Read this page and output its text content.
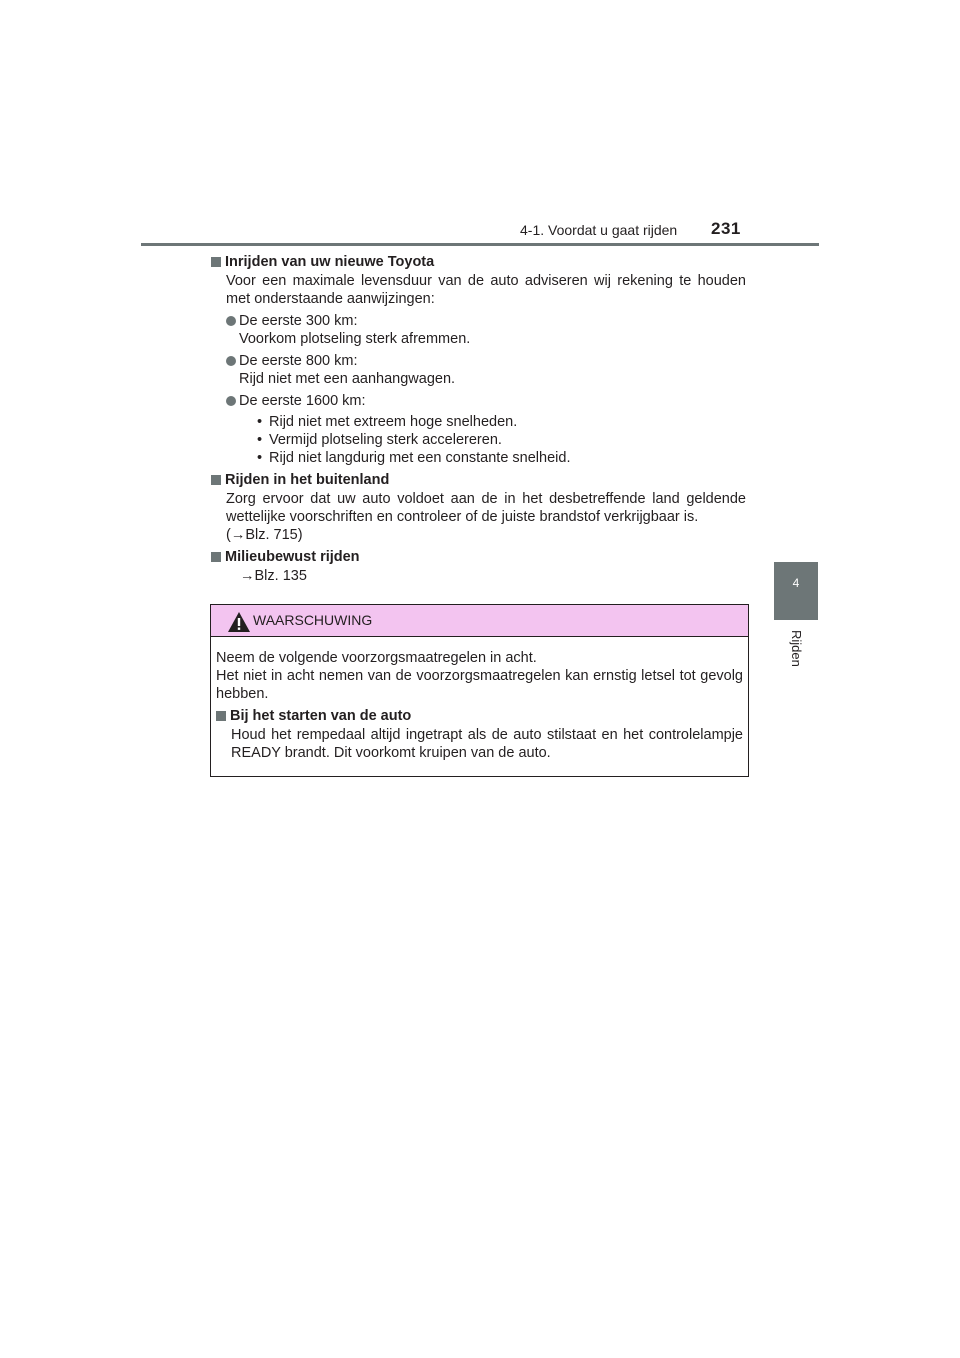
4-1. Voordat u gaat rijden 231
4
Rijden
Inrijden van uw nieuwe Toyota
Voor een maximale levensduur van de auto adviseren wij rekening te houden met onderstaande aanwijzingen:
De eerste 300 km:
Voorkom plotseling sterk afremmen.
De eerste 800 km:
Rijd niet met een aanhangwagen.
De eerste 1600 km:
• Rijd niet met extreem hoge snelheden.
• Vermijd plotseling sterk accelereren.
• Rijd niet langdurig met een constante snelheid.
Rijden in het buitenland
Zorg ervoor dat uw auto voldoet aan de in het desbetreffende land geldende wettelijke voorschriften en controleer of de juiste brandstof verkrijgbaar is.
(→Blz. 715)
Milieubewust rijden
→Blz. 135
WAARSCHUWING
Neem de volgende voorzorgsmaatregelen in acht.
Het niet in acht nemen van de voorzorgsmaatregelen kan ernstig letsel tot gevolg hebben.
Bij het starten van de auto
Houd het rempedaal altijd ingetrapt als de auto stilstaat en het controlelampje READY brandt. Dit voorkomt kruipen van de auto.
